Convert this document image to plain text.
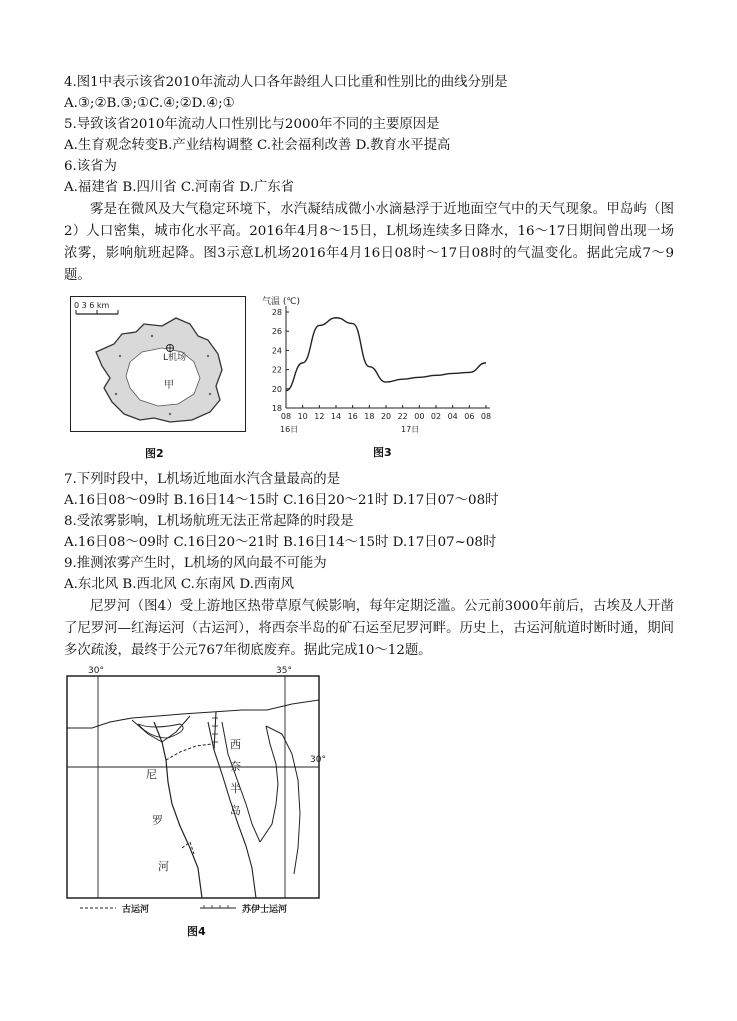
4.图1中表示该省2010年流动人口各年龄组人口比重和性别比的曲线分别是
A.③;②B.③;①C.④;②D.④;①
5.导致该省2010年流动人口性别比与2000年不同的主要原因是
A.生育观念转变B.产业结构调整 C.社会福利改善 D.教育水平提高
6.该省为
A.福建省 B.四川省 C.河南省 D.广东省
雾是在微风及大气稳定环境下，水汽凝结成微小水滴悬浮于近地面空气中的天气现象。甲岛屿（图2）人口密集，城市化水平高。2016年4月8～15日，L机场连续多日降水，16～17日期间曾出现一场浓雾，影响航班起降。图3示意L机场2016年4月16日08时～17日08时的气温变化。据此完成7～9题。
0 3 6 km
L机场
甲
图2
气温 (℃)
18
20
22
24
26
28
08 10 12 14 16 18 20 22 00 02 04 06 08
16日	17日
图3
7.下列时段中，L机场近地面水汽含量最高的是
A.16日08～09时 B.16日14～15时 C.16日20～21时 D.17日07～08时
8.受浓雾影响，L机场航班无法正常起降的时段是
A.16日08～09时 C.16日20～21时 B.16日14～15时 D.17日07~08时
9.推测浓雾产生时，L机场的风向最不可能为
A.东北风 B.西北风 C.东南风 D.西南风
尼罗河（图4）受上游地区热带草原气候影响，每年定期泛滥。公元前3000年前后，古埃及人开凿了尼罗河—红海运河（古运河），将西奈半岛的矿石运至尼罗河畔。历史上，古运河航道时断时通，期间多次疏浚，最终于公元767年彻底废弃。据此完成10～12题。
30°	35°
30°
西
奈
半
岛
尼
罗
河
古运河	苏伊士运河
图4
